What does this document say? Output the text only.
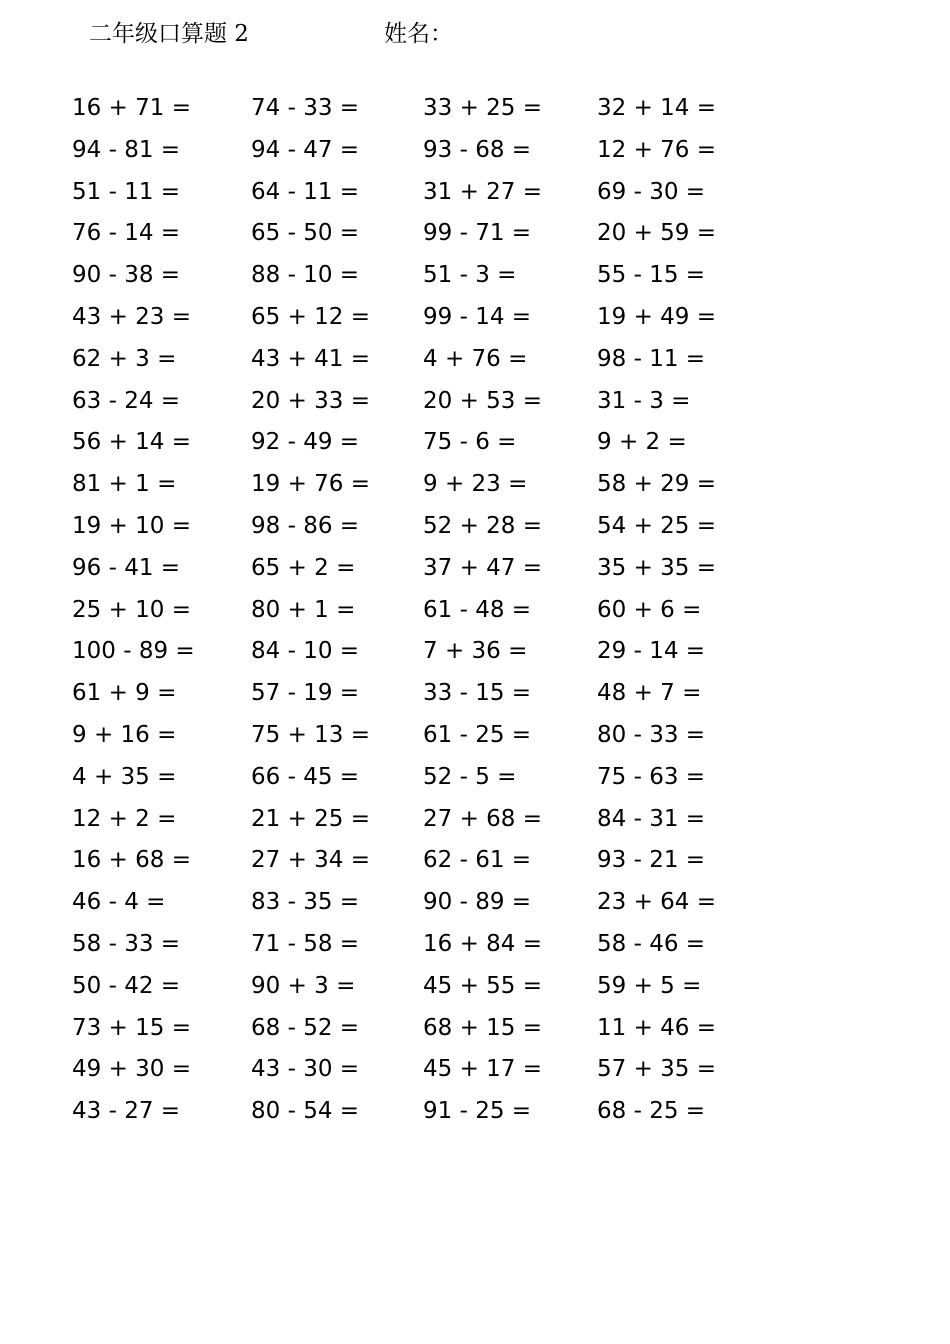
二年级口算题 2	姓名：
16 + 71 =	74 - 33 =	33 + 25 = 32 + 14 =
94 - 81 =	94 - 47 =	93 - 68 =	12 + 76 =
51 - 11 =	64 - 11 =	31 + 27 = 69 - 30 =
76 - 14 =	65 - 50 =	99 - 71 =	20 + 59 =
90 - 38 =	88 - 10 =	51 - 3 =	55 - 15 =
43 + 23 =	65 + 12 = 99 - 14 =	19 + 49 =
62 + 3 =	43 + 41 = 4 + 76 =	98 - 11 =
63 - 24 =	20 + 33 = 20 + 53 = 31 - 3 =
56 + 14 =	92 - 49 =	75 - 6 =	9 + 2 =
81 + 1 =	19 + 76 = 9 + 23 =	58 + 29 =
19 + 10 =	98 - 86 =	52 + 28 = 54 + 25 =
96 - 41 =	65 + 2 =	37 + 47 = 35 + 35 =
25 + 10 =	80 + 1 =	61 - 48 =	60 + 6 =
100 - 89 = 84 - 10 =	7 + 36 =	29 - 14 =
61 + 9 =	57 - 19 =	33 - 15 =	48 + 7 =
9 + 16 =	75 + 13 = 61 - 25 =	80 - 33 =
4 + 35 =	66 - 45 =	52 - 5 =	75 - 63 =
12 + 2 =	21 + 25 = 27 + 68 = 84 - 31 =
16 + 68 =	27 + 34 = 62 - 61 =	93 - 21 =
46 - 4 =	83 - 35 =	90 - 89 =	23 + 64 =
58 - 33 =	71 - 58 =	16 + 84 = 58 - 46 =
50 - 42 =	90 + 3 =	45 + 55 = 59 + 5 =
73 + 15 =	68 - 52 =	68 + 15 = 11 + 46 =
49 + 30 =	43 - 30 =	45 + 17 = 57 + 35 =
43 - 27 =	80 - 54 =	91 - 25 =	68 - 25 =
